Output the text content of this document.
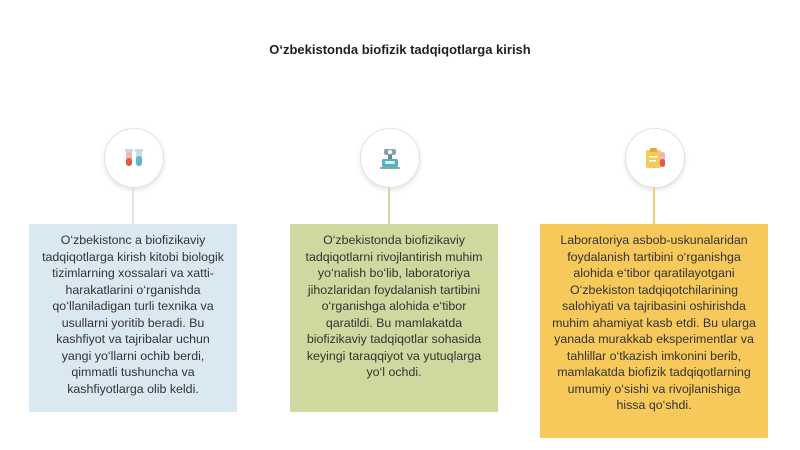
O‘zbekistonda biofizik tadqiqotlarga kirish
O‘zbekistonc a biofizikaviy tadqiqotlarga kirish kitobi biologik tizimlarning xossalari va xatti-harakatlarini o‘rganishda qo‘llaniladigan turli texnika va usullarni yoritib beradi. Bu kashfiyot va tajribalar uchun yangi yo‘llarni ochib berdi, qimmatli tushuncha va kashfiyotlarga olib keldi.
O‘zbekistonda biofizikaviy tadqiqotlarni rivojlantirish muhim yo‘nalish bo‘lib, laboratoriya jihozlaridan foydalanish tartibini o‘rganishga alohida e‘tibor qaratildi. Bu mamlakatda biofizikaviy tadqiqotlar sohasida keyingi taraqqiyot va yutuqlarga yo‘l ochdi.
Laboratoriya asbob-uskunalaridan foydalanish tartibini o‘rganishga alohida e‘tibor qaratilayotgani O‘zbekiston tadqiqotchilarining salohiyati va tajribasini oshirishda muhim ahamiyat kasb etdi. Bu ularga yanada murakkab eksperimentlar va tahlillar o‘tkazish imkonini berib, mamlakatda biofizik tadqiqotlarning umumiy o‘sishi va rivojlanishiga hissa qo‘shdi.
